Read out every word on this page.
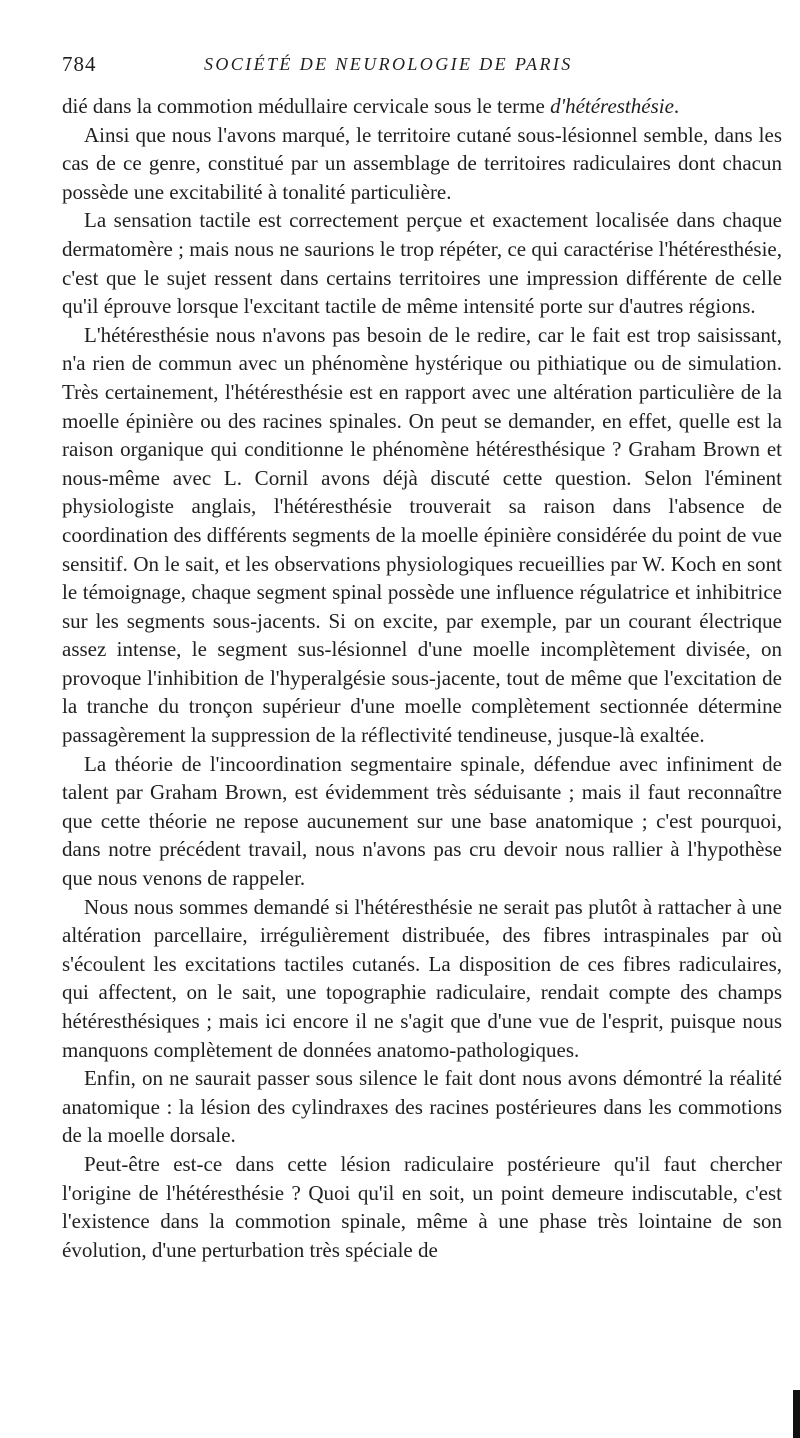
784	SOCIÉTÉ DE NEUROLOGIE DE PARIS

dié dans la commotion médullaire cervicale sous le terme d'hétéresthésie.

Ainsi que nous l'avons marqué, le territoire cutané sous-lésionnel semble, dans les cas de ce genre, constitué par un assemblage de territoires radiculaires dont chacun possède une excitabilité à tonalité particulière.

La sensation tactile est correctement perçue et exactement localisée dans chaque dermatomère ; mais nous ne saurions le trop répéter, ce qui caractérise l'hétéresthésie, c'est que le sujet ressent dans certains territoires une impression différente de celle qu'il éprouve lorsque l'excitant tactile de même intensité porte sur d'autres régions.

L'hétéresthésie nous n'avons pas besoin de le redire, car le fait est trop saisissant, n'a rien de commun avec un phénomène hystérique ou pithiatique ou de simulation. Très certainement, l'hétéresthésie est en rapport avec une altération particulière de la moelle épinière ou des racines spinales. On peut se demander, en effet, quelle est la raison organique qui conditionne le phénomène hétéresthésique ? Graham Brown et nous-même avec L. Cornil avons déjà discuté cette question. Selon l'éminent physiologiste anglais, l'hétéresthésie trouverait sa raison dans l'absence de coordination des différents segments de la moelle épinière considérée du point de vue sensitif. On le sait, et les observations physiologiques recueillies par W. Koch en sont le témoignage, chaque segment spinal possède une influence régulatrice et inhibitrice sur les segments sous-jacents. Si on excite, par exemple, par un courant électrique assez intense, le segment sus-lésionnel d'une moelle incomplètement divisée, on provoque l'inhibition de l'hyperalgésie sous-jacente, tout de même que l'excitation de la tranche du tronçon supérieur d'une moelle complètement sectionnée détermine passagèrement la suppression de la réflectivité tendineuse, jusque-là exaltée.

La théorie de l'incoordination segmentaire spinale, défendue avec infiniment de talent par Graham Brown, est évidemment très séduisante ; mais il faut reconnaître que cette théorie ne repose aucunement sur une base anatomique ; c'est pourquoi, dans notre précédent travail, nous n'avons pas cru devoir nous rallier à l'hypothèse que nous venons de rappeler.

Nous nous sommes demandé si l'hétéresthésie ne serait pas plutôt à rattacher à une altération parcellaire, irrégulièrement distribuée, des fibres intraspinales par où s'écoulent les excitations tactiles cutanés. La disposition de ces fibres radiculaires, qui affectent, on le sait, une topographie radiculaire, rendait compte des champs hétéresthésiques ; mais ici encore il ne s'agit que d'une vue de l'esprit, puisque nous manquons complètement de données anatomo-pathologiques.

Enfin, on ne saurait passer sous silence le fait dont nous avons démontré la réalité anatomique : la lésion des cylindraxes des racines postérieures dans les commotions de la moelle dorsale.

Peut-être est-ce dans cette lésion radiculaire postérieure qu'il faut chercher l'origine de l'hétéresthésie ? Quoi qu'il en soit, un point demeure indiscutable, c'est l'existence dans la commotion spinale, même à une phase très lointaine de son évolution, d'une perturbation très spéciale de
